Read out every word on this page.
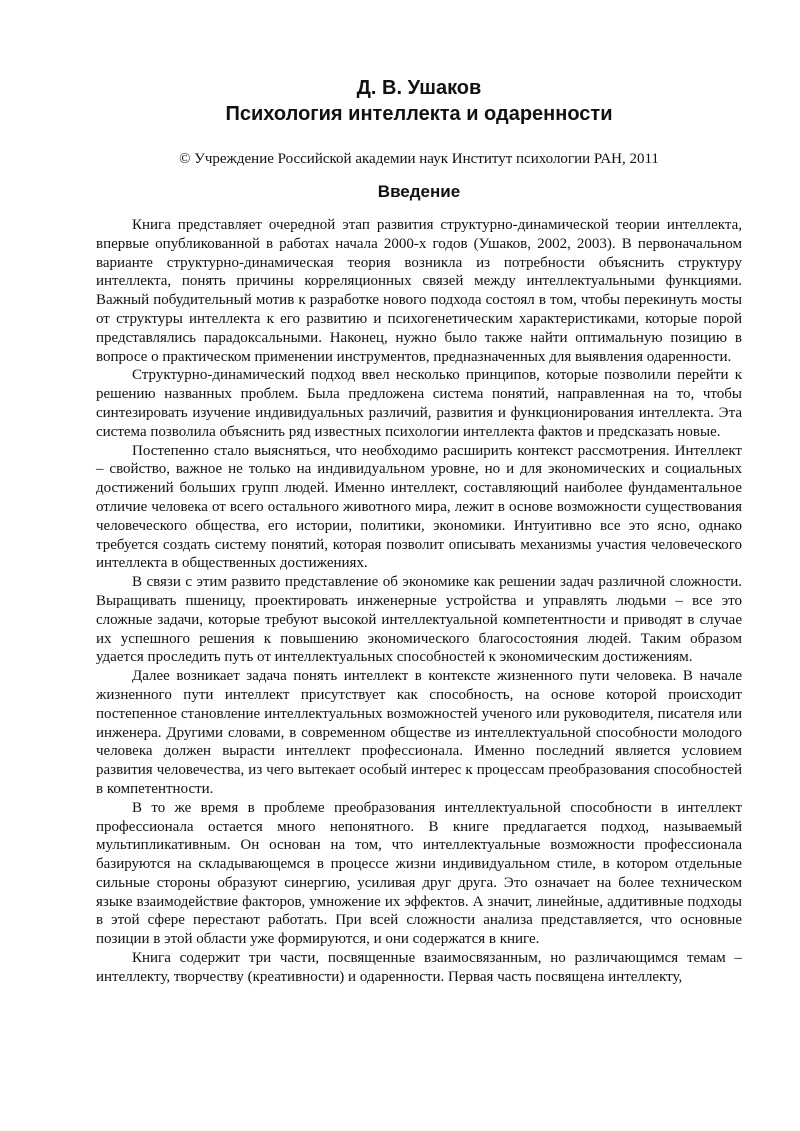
Д. В. Ушаков
Психология интеллекта и одаренности

© Учреждение Российской академии наук Институт психологии РАН, 2011

Введение

Книга представляет очередной этап развития структурно-динамической теории интеллекта, впервые опубликованной в работах начала 2000-х годов (Ушаков, 2002, 2003). В первоначальном варианте структурно-динамическая теория возникла из потребности объяснить структуру интеллекта, понять причины корреляционных связей между интеллектуальными функциями. Важный побудительный мотив к разработке нового подхода состоял в том, чтобы перекинуть мосты от структуры интеллекта к его развитию и психогенетическим характеристиками, которые порой представлялись парадоксальными. Наконец, нужно было также найти оптимальную позицию в вопросе о практическом применении инструментов, предназначенных для выявления одаренности.

Структурно-динамический подход ввел несколько принципов, которые позволили перейти к решению названных проблем. Была предложена система понятий, направленная на то, чтобы синтезировать изучение индивидуальных различий, развития и функционирования интеллекта. Эта система позволила объяснить ряд известных психологии интеллекта фактов и предсказать новые.

Постепенно стало выясняться, что необходимо расширить контекст рассмотрения. Интеллект – свойство, важное не только на индивидуальном уровне, но и для экономических и социальных достижений больших групп людей. Именно интеллект, составляющий наиболее фундаментальное отличие человека от всего остального животного мира, лежит в основе возможности существования человеческого общества, его истории, политики, экономики. Интуитивно все это ясно, однако требуется создать систему понятий, которая позволит описывать механизмы участия человеческого интеллекта в общественных достижениях.

В связи с этим развито представление об экономике как решении задач различной сложности. Выращивать пшеницу, проектировать инженерные устройства и управлять людьми – все это сложные задачи, которые требуют высокой интеллектуальной компетентности и приводят в случае их успешного решения к повышению экономического благосостояния людей. Таким образом удается проследить путь от интеллектуальных способностей к экономическим достижениям.

Далее возникает задача понять интеллект в контексте жизненного пути человека. В начале жизненного пути интеллект присутствует как способность, на основе которой происходит постепенное становление интеллектуальных возможностей ученого или руководителя, писателя или инженера. Другими словами, в современном обществе из интеллектуальной способности молодого человека должен вырасти интеллект профессионала. Именно последний является условием развития человечества, из чего вытекает особый интерес к процессам преобразования способностей в компетентности.

В то же время в проблеме преобразования интеллектуальной способности в интеллект профессионала остается много непонятного. В книге предлагается подход, называемый мультипликативным. Он основан на том, что интеллектуальные возможности профессионала базируются на складывающемся в процессе жизни индивидуальном стиле, в котором отдельные сильные стороны образуют синергию, усиливая друг друга. Это означает на более техническом языке взаимодействие факторов, умножение их эффектов. А значит, линейные, аддитивные подходы в этой сфере перестают работать. При всей сложности анализа представляется, что основные позиции в этой области уже формируются, и они содержатся в книге.

Книга содержит три части, посвященные взаимосвязанным, но различающимся темам – интеллекту, творчеству (креативности) и одаренности. Первая часть посвящена интеллекту,
